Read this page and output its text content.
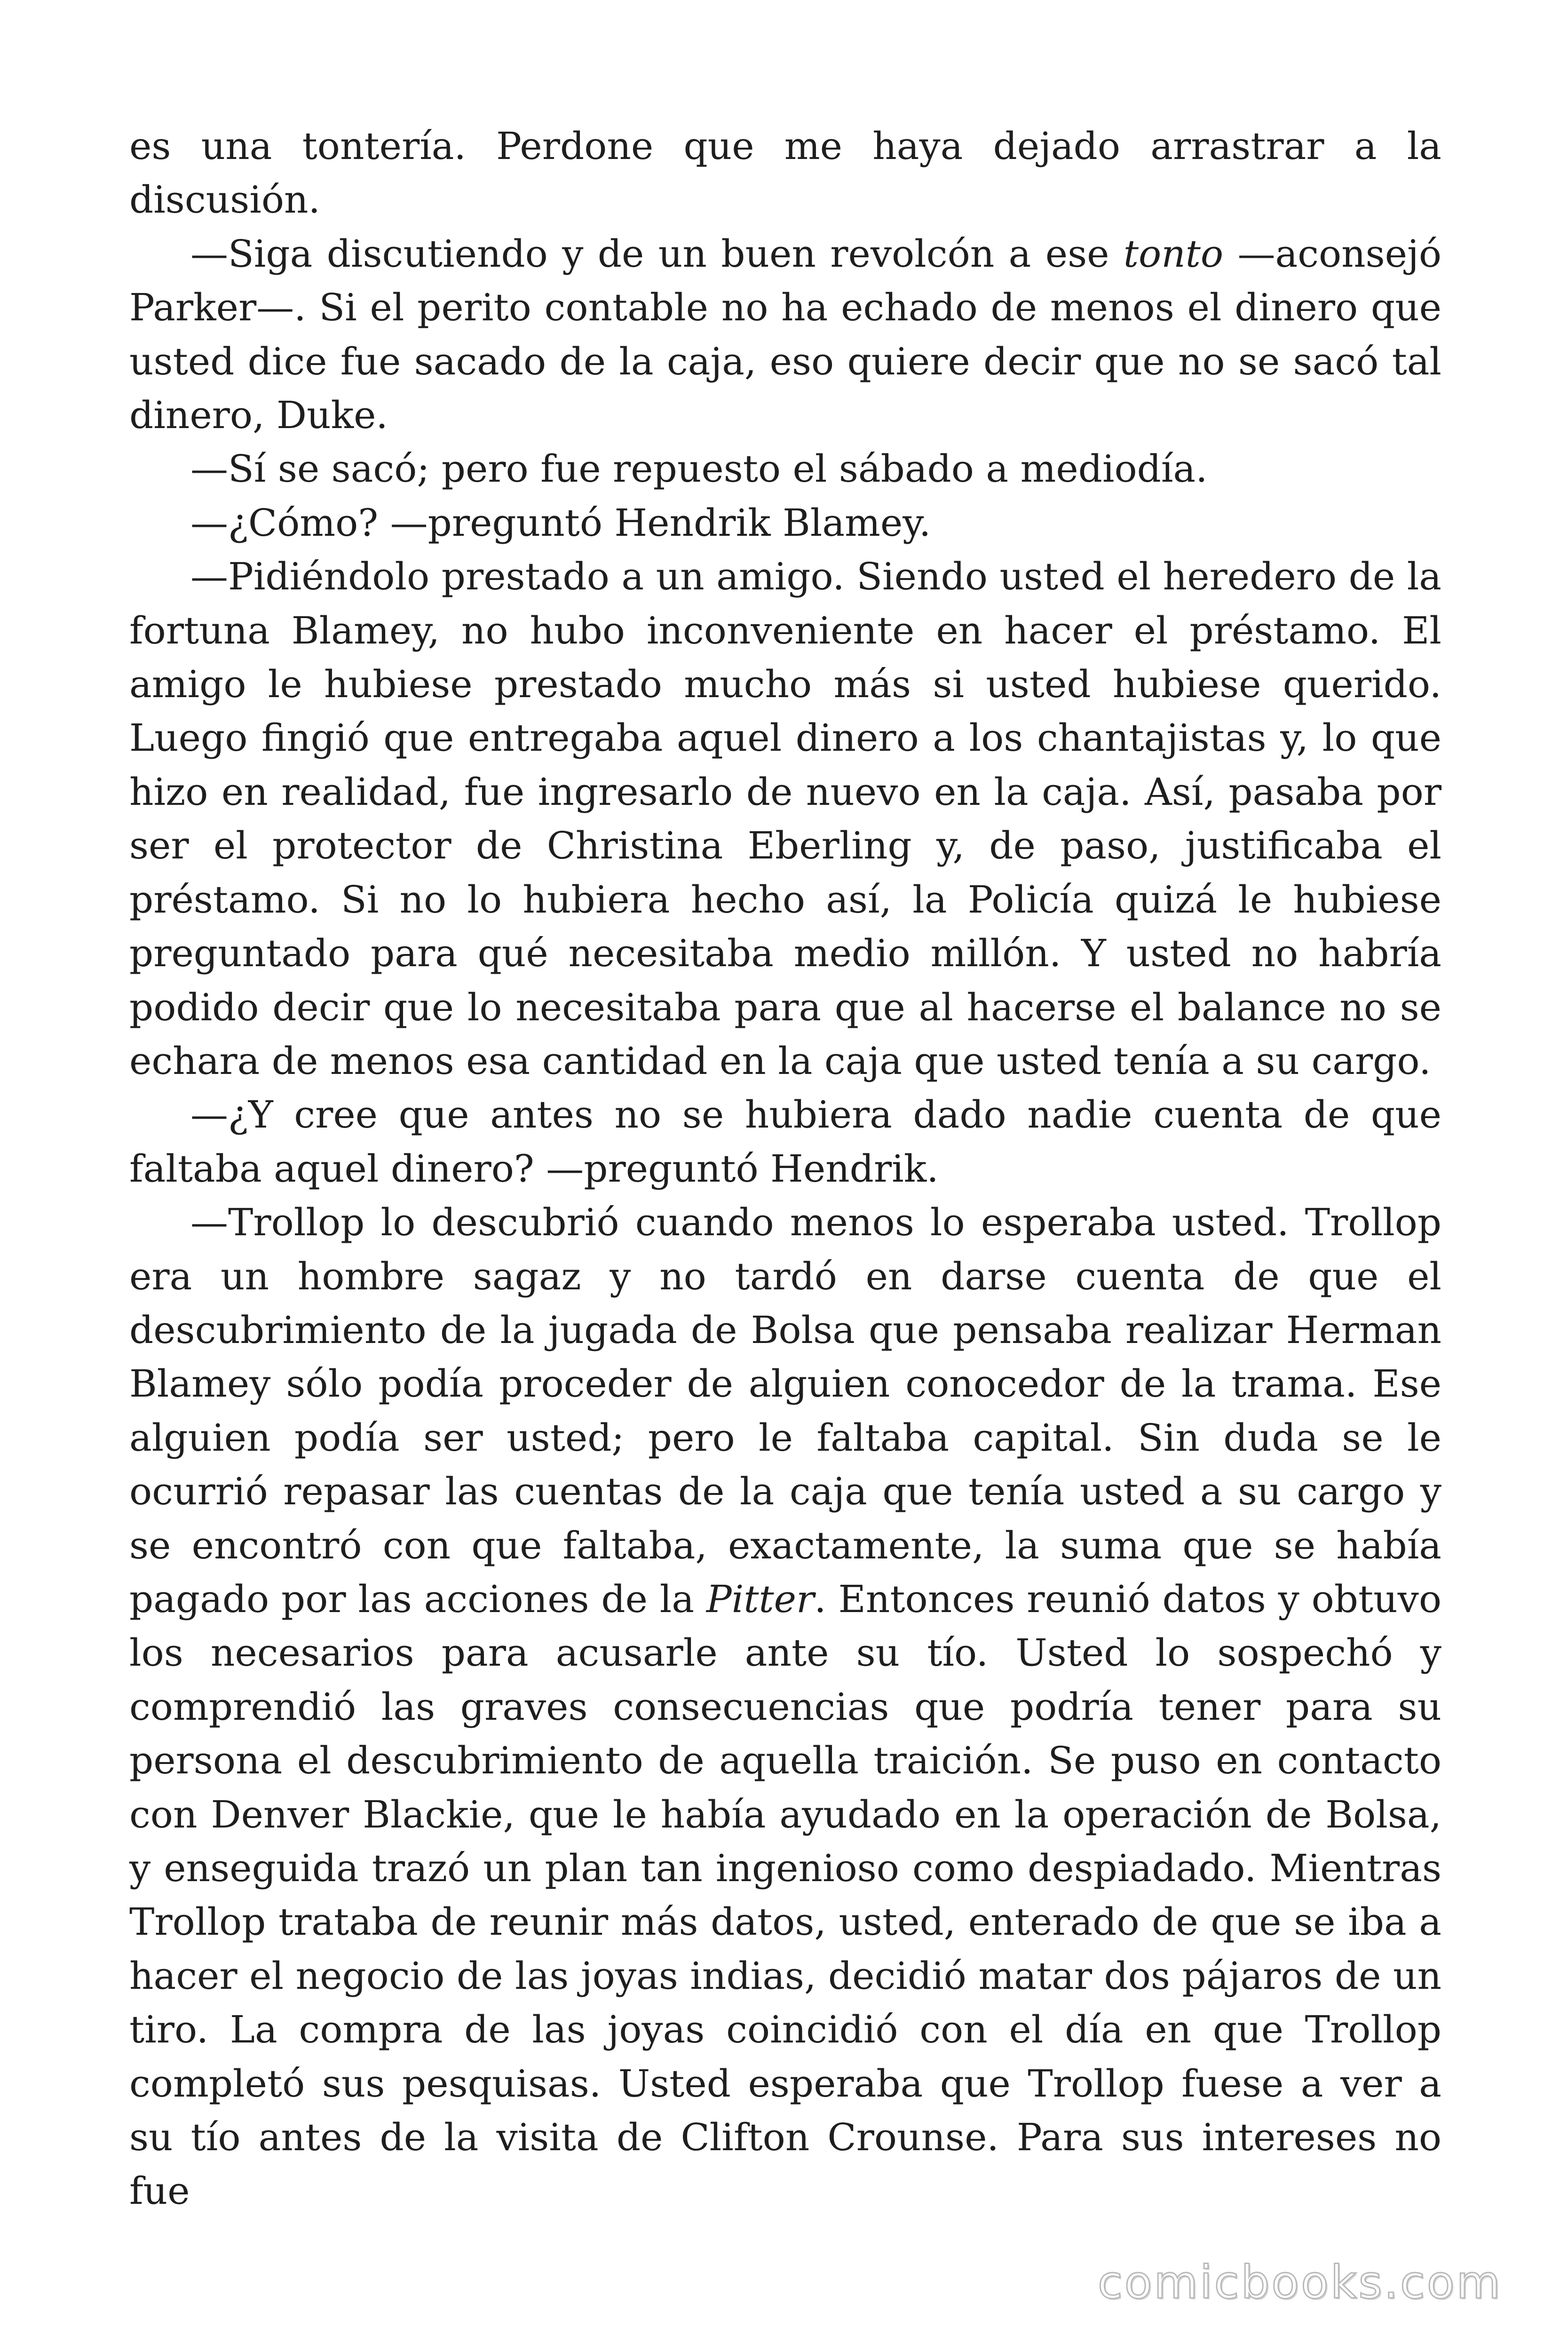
es una tontería. Perdone que me haya dejado arrastrar a la discusión.

—Siga discutiendo y de un buen revolcón a ese tonto —aconsejó Parker—. Si el perito contable no ha echado de menos el dinero que usted dice fue sacado de la caja, eso quiere decir que no se sacó tal dinero, Duke.

—Sí se sacó; pero fue repuesto el sábado a mediodía.

—¿Cómo? —preguntó Hendrik Blamey.

—Pidiéndolo prestado a un amigo. Siendo usted el heredero de la fortuna Blamey, no hubo inconveniente en hacer el préstamo. El amigo le hubiese prestado mucho más si usted hubiese querido. Luego fingió que entregaba aquel dinero a los chantajistas y, lo que hizo en realidad, fue ingresarlo de nuevo en la caja. Así, pasaba por ser el protector de Christina Eberling y, de paso, justificaba el préstamo. Si no lo hubiera hecho así, la Policía quizá le hubiese preguntado para qué necesitaba medio millón. Y usted no habría podido decir que lo necesitaba para que al hacerse el balance no se echara de menos esa cantidad en la caja que usted tenía a su cargo.

—¿Y cree que antes no se hubiera dado nadie cuenta de que faltaba aquel dinero? —preguntó Hendrik.

—Trollop lo descubrió cuando menos lo esperaba usted. Trollop era un hombre sagaz y no tardó en darse cuenta de que el descubrimiento de la jugada de Bolsa que pensaba realizar Herman Blamey sólo podía proceder de alguien conocedor de la trama. Ese alguien podía ser usted; pero le faltaba capital. Sin duda se le ocurrió repasar las cuentas de la caja que tenía usted a su cargo y se encontró con que faltaba, exactamente, la suma que se había pagado por las acciones de la Pitter. Entonces reunió datos y obtuvo los necesarios para acusarle ante su tío. Usted lo sospechó y comprendió las graves consecuencias que podría tener para su persona el descubrimiento de aquella traición. Se puso en contacto con Denver Blackie, que le había ayudado en la operación de Bolsa, y enseguida trazó un plan tan ingenioso como despiadado. Mientras Trollop trataba de reunir más datos, usted, enterado de que se iba a hacer el negocio de las joyas indias, decidió matar dos pájaros de un tiro. La compra de las joyas coincidió con el día en que Trollop completó sus pesquisas. Usted esperaba que Trollop fuese a ver a su tío antes de la visita de Clifton Crounse. Para sus intereses no fue

comicbooks.com
